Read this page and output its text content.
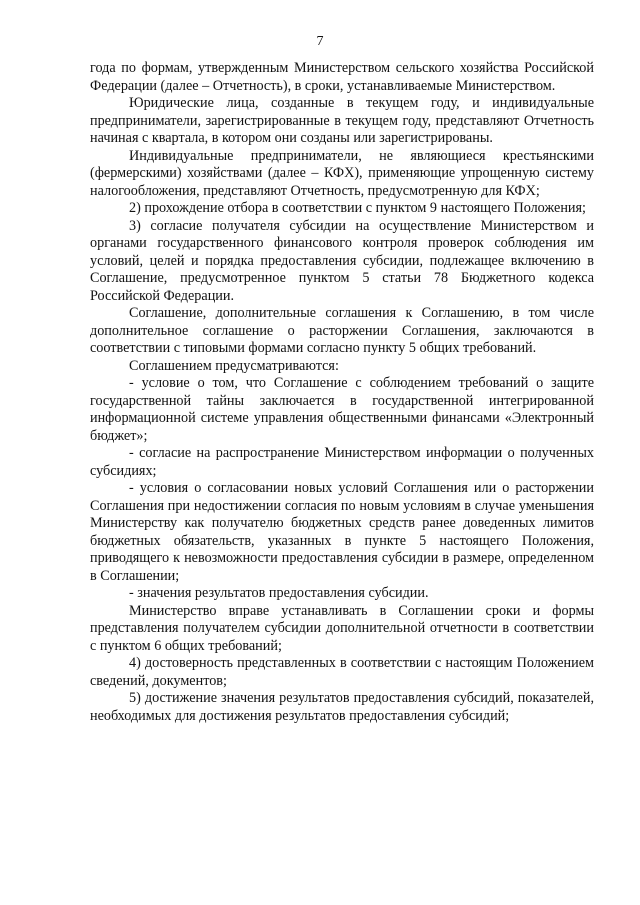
7

года по формам, утвержденным Министерством сельского хозяйства Российской Федерации (далее – Отчетность), в сроки, устанавливаемые Министерством.

Юридические лица, созданные в текущем году, и индивидуальные предприниматели, зарегистрированные в текущем году, представляют Отчетность начиная с квартала, в котором они созданы или зарегистрированы.

Индивидуальные предприниматели, не являющиеся крестьянскими (фермерскими) хозяйствами (далее – КФХ), применяющие упрощенную систему налогообложения, представляют Отчетность, предусмотренную для КФХ;

2) прохождение отбора в соответствии с пунктом 9 настоящего Положения;

3) согласие получателя субсидии на осуществление Министерством и органами государственного финансового контроля проверок соблюдения им условий, целей и порядка предоставления субсидии, подлежащее включению в Соглашение, предусмотренное пунктом 5 статьи 78 Бюджетного кодекса Российской Федерации.

Соглашение, дополнительные соглашения к Соглашению, в том числе дополнительное соглашение о расторжении Соглашения, заключаются в соответствии с типовыми формами согласно пункту 5 общих требований.

Соглашением предусматриваются:

- условие о том, что Соглашение с соблюдением требований о защите государственной тайны заключается в государственной интегрированной информационной системе управления общественными финансами «Электронный бюджет»;

- согласие на распространение Министерством информации о полученных субсидиях;

- условия о согласовании новых условий Соглашения или о расторжении Соглашения при недостижении согласия по новым условиям в случае уменьшения Министерству как получателю бюджетных средств ранее доведенных лимитов бюджетных обязательств, указанных в пункте 5 настоящего Положения, приводящего к невозможности предоставления субсидии в размере, определенном в Соглашении;

- значения результатов предоставления субсидии.

Министерство вправе устанавливать в Соглашении сроки и формы представления получателем субсидии дополнительной отчетности в соответствии с пунктом 6 общих требований;

4) достоверность представленных в соответствии с настоящим Положением сведений, документов;

5) достижение значения результатов предоставления субсидий, показателей, необходимых для достижения результатов предоставления субсидий;
